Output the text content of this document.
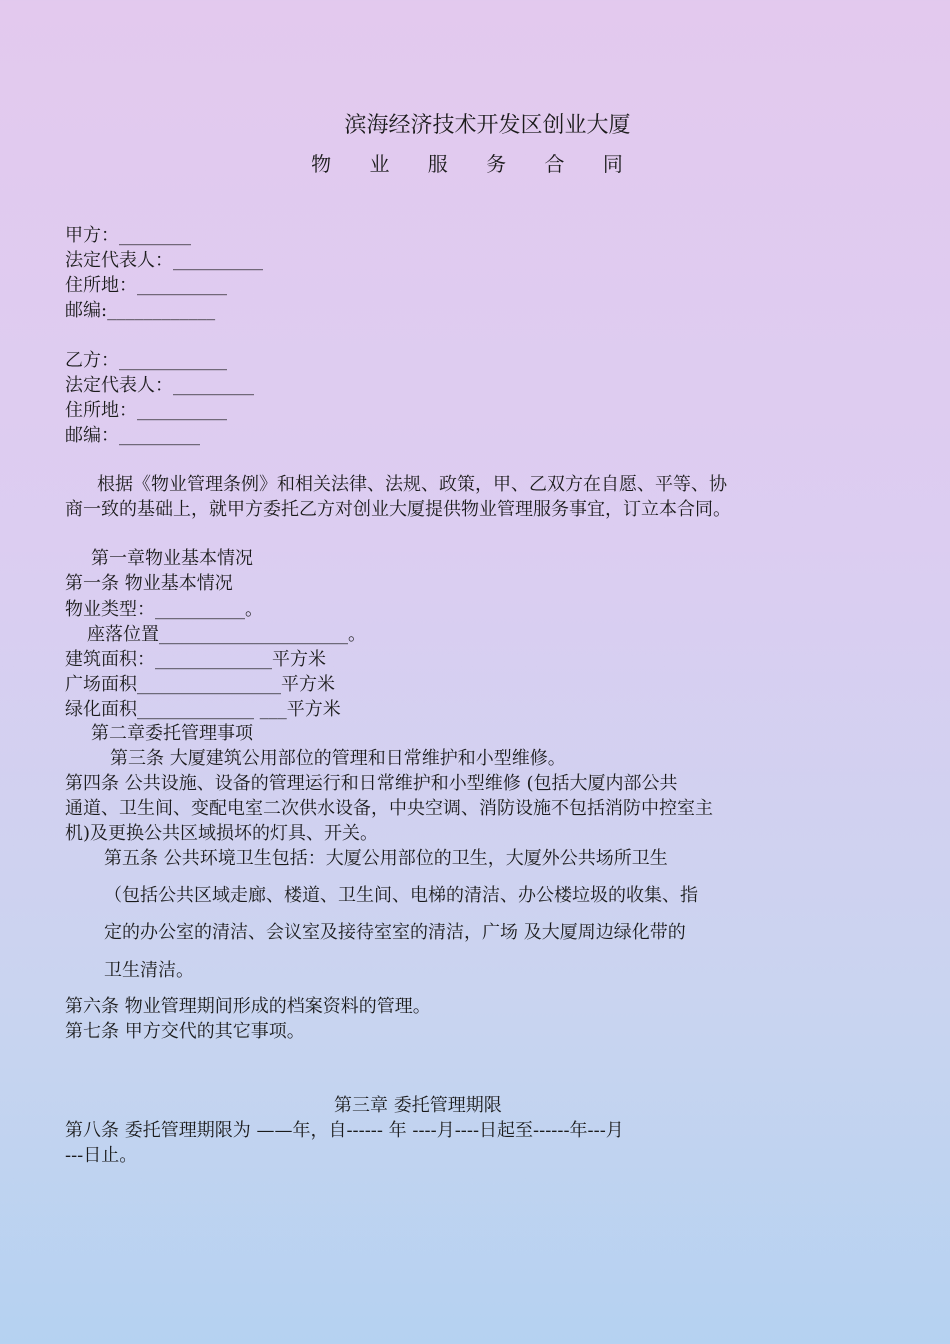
滨海经济技术开发区创业大厦
物 业 服 务 合 同
甲方：________
法定代表人：__________
住所地：__________
邮编:____________
乙方：____________
法定代表人：_________
住所地：__________
邮编：_________
根据《物业管理条例》和相关法律、法规、政策，甲、乙双方在自愿、平等、协
商一致的基础上，就甲方委托乙方对创业大厦提供物业管理服务事宜，订立本合同。
第一章物业基本情况
第一条 物业基本情况
物业类型：__________。
座落位置_____________________。
建筑面积：_____________平方米
广场面积________________平方米
绿化面积_____________ ___平方米
第二章委托管理事项
第三条 大厦建筑公用部位的管理和日常维护和小型维修。
第四条 公共设施、设备的管理运行和日常维护和小型维修 (包括大厦内部公共
通道、卫生间、变配电室二次供水设备，中央空调、消防设施不包括消防中控室主
机)及更换公共区域损坏的灯具、开关。
第五条 公共环境卫生包括：大厦公用部位的卫生，大厦外公共场所卫生
（包括公共区域走廊、楼道、卫生间、电梯的清洁、办公楼垃圾的收集、指
定的办公室的清洁、会议室及接待室室的清洁，广场 及大厦周边绿化带的
卫生清洁。
第六条 物业管理期间形成的档案资料的管理。
第七条 甲方交代的其它事项。
第三章 委托管理期限
第八条 委托管理期限为 ——年，自------ 年 ----月----日起至------年---月
---日止。
